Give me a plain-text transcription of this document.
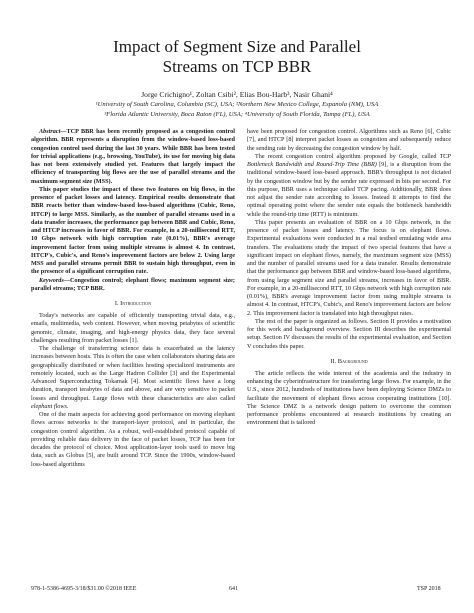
Impact of Segment Size and Parallel
Streams on TCP BBR

Jorge Crichigno¹, Zoltan Csibi², Elias Bou-Harb³, Nasir Ghani⁴

¹University of South Carolina, Columbia (SC), USA; ²Northern New Mexico College, Espanola (NM), USA

³Florida Atlantic University, Boca Raton (FL), USA; ⁴University of South Florida, Tampa (FL), USA

Abstract—TCP BBR has been recently proposed as a congestion control algorithm. BBR represents a disruption from the window-based loss-based congestion control used during the last 30 years. While BBR has been tested for trivial applications (e.g., browsing, YouTube), its use for moving big data has not been extensively studied yet. Features that largely impact the efficiency of transporting big flows are the use of parallel streams and the maximum segment size (MSS).

This paper studies the impact of these two features on big flows, in the presence of packet losses and latency. Empirical results demonstrate that BBR reacts better than window-based loss-based algorithms (Cubic, Reno, HTCP) to large MSS. Similarly, as the number of parallel streams used in a data transfer increases, the performance gap between BBR and Cubic, Reno, and HTCP increases in favor of BBR. For example, in a 20-millisecond RTT, 10 Gbps network with high corruption rate (0.01%), BBR's average improvement factor from using multiple streams is almost 4. In contrast, HTCP's, Cubic's, and Reno's improvement factors are below 2. Using large MSS and parallel streams permit BBR to sustain high throughput, even in the presence of a significant corruption rate.

Keywords—Congestion control; elephant flows; maximum segment size; parallel streams; TCP BBR.

I. Introduction

Today's networks are capable of efficiently transporting trivial data, e.g., emails, multimedia, web content. However, when moving petabytes of scientific genomic, climate, imaging, and high-energy physics data, they face several challenges resulting from packet losses [1].

The challenge of transferring science data is exacerbated as the latency increases between hosts. This is often the case when collaborators sharing data are geographically distributed or when facilities hosting specialized instruments are remotely located, such as the Large Hadron Collider [3] and the Experimental Advanced Superconducting Tokamak [4]. Most scientific flows have a long duration, transport terabytes of data and above, and are very sensitive to packet losses and throughput. Large flows with these characteristics are also called elephant flows.

One of the main aspects for achieving good performance on moving elephant flows across networks is the transport-layer protocol, and in particular, the congestion control algorithm. As a robust, well-established protocol capable of providing reliable data delivery in the face of packet losses, TCP has been for decades the protocol of choice. Most application-layer tools used to move big data, such as Globus [5], are built around TCP. Since the 1990s, window-based loss-based algorithms

have been proposed for congestion control. Algorithms such as Reno [6], Cubic [7], and HTCP [8] interpret packet losses as congestion and subsequently reduce the sending rate by decreasing the congestion window by half.

The recent congestion control algorithm proposed by Google, called TCP Bottleneck Bandwidth and Round-Trip Time (BBR) [9], is a disruption from the traditional window-based loss-based approach. BBR's throughput is not dictated by the congestion window but by the sender rate expressed in bits per second. For this purpose, BBR uses a technique called TCP pacing. Additionally, BBR does not adjust the sender rate according to losses. Instead it attempts to find the optimal operating point where the sender rate equals the bottleneck bandwidth while the round-trip time (RTT) is minimum.

This paper presents an evaluation of BBR on a 10 Gbps network, in the presence of packet losses and latency. The focus is on elephant flows. Experimental evaluations were conducted in a real testbed emulating wide area transfers. The evaluations study the impact of two special features that have a significant impact on elephant flows, namely, the maximum segment size (MSS) and the number of parallel streams used for a data transfer. Results demonstrate that the performance gap between BBR and window-based loss-based algorithms, from using large segment size and parallel streams, increases in favor of BBR. For example, in a 20-millisecond RTT, 10 Gbps network with high corruption rate (0.01%), BBR's average improvement factor from using multiple streams is almost 4. In contrast, HTCP's, Cubic's, and Reno's improvement factors are below 2. This improvement factor is translated into high throughput rates.

The rest of the paper is organized as follows. Section II provides a motivation for this work and background overview. Section III describes the experimental setup. Section IV discusses the results of the experimental evaluation, and Section V concludes this paper.

II. Background

The article reflects the wide interest of the academia and the industry in enhancing the cyberinfrastructure for transferring large flows. For example, in the U.S., since 2012, hundreds of institutions have been deploying Science DMZs to facilitate the movement of elephant flows across cooperating institutions [10]. The Science DMZ is a network design pattern to overcome the common performance problems encountered at research institutions by creating an environment that is tailored

978-1-5386-4695-3/18/$31.00 ©2018 IEEE	641	TSP 2018
